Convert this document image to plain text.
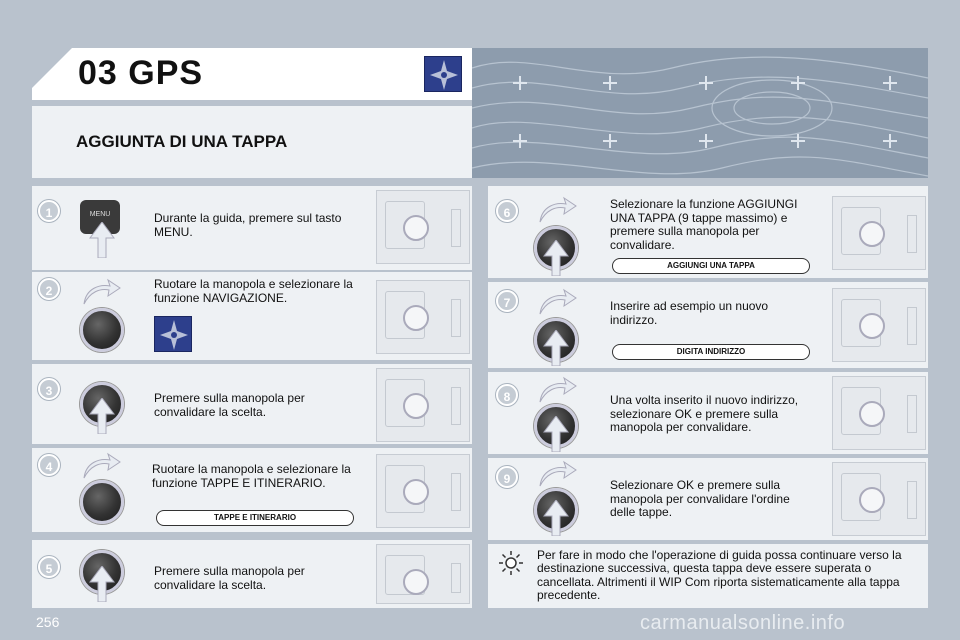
03 GPS
AGGIUNTA DI UNA TAPPA
1	MENU	Durante la guida, premere sul tasto MENU.
2	Ruotare la manopola e selezionare la funzione NAVIGAZIONE.
3	Premere sulla manopola per convalidare la scelta.
4	Ruotare la manopola e selezionare la funzione TAPPE E ITINERARIO.
TAPPE E ITINERARIO
5	Premere sulla manopola per convalidare la scelta.
6
Selezionare la funzione AGGIUNGI UNA TAPPA (9 tappe massimo) e premere sulla manopola per convalidare.
AGGIUNGI UNA TAPPA
7	Inserire ad esempio un nuovo indirizzo.
DIGITA INDIRIZZO
8	Una volta inserito il nuovo indirizzo, selezionare OK e premere sulla manopola per convalidare.
9	Selezionare OK e premere sulla manopola per convalidare l'ordine delle tappe.
Per fare in modo che l'operazione di guida possa continuare verso la destinazione successiva, questa tappa deve essere superata o cancellata. Altrimenti il WIP Com riporta sistematicamente alla tappa precedente.
256	carmanualsonline.info
